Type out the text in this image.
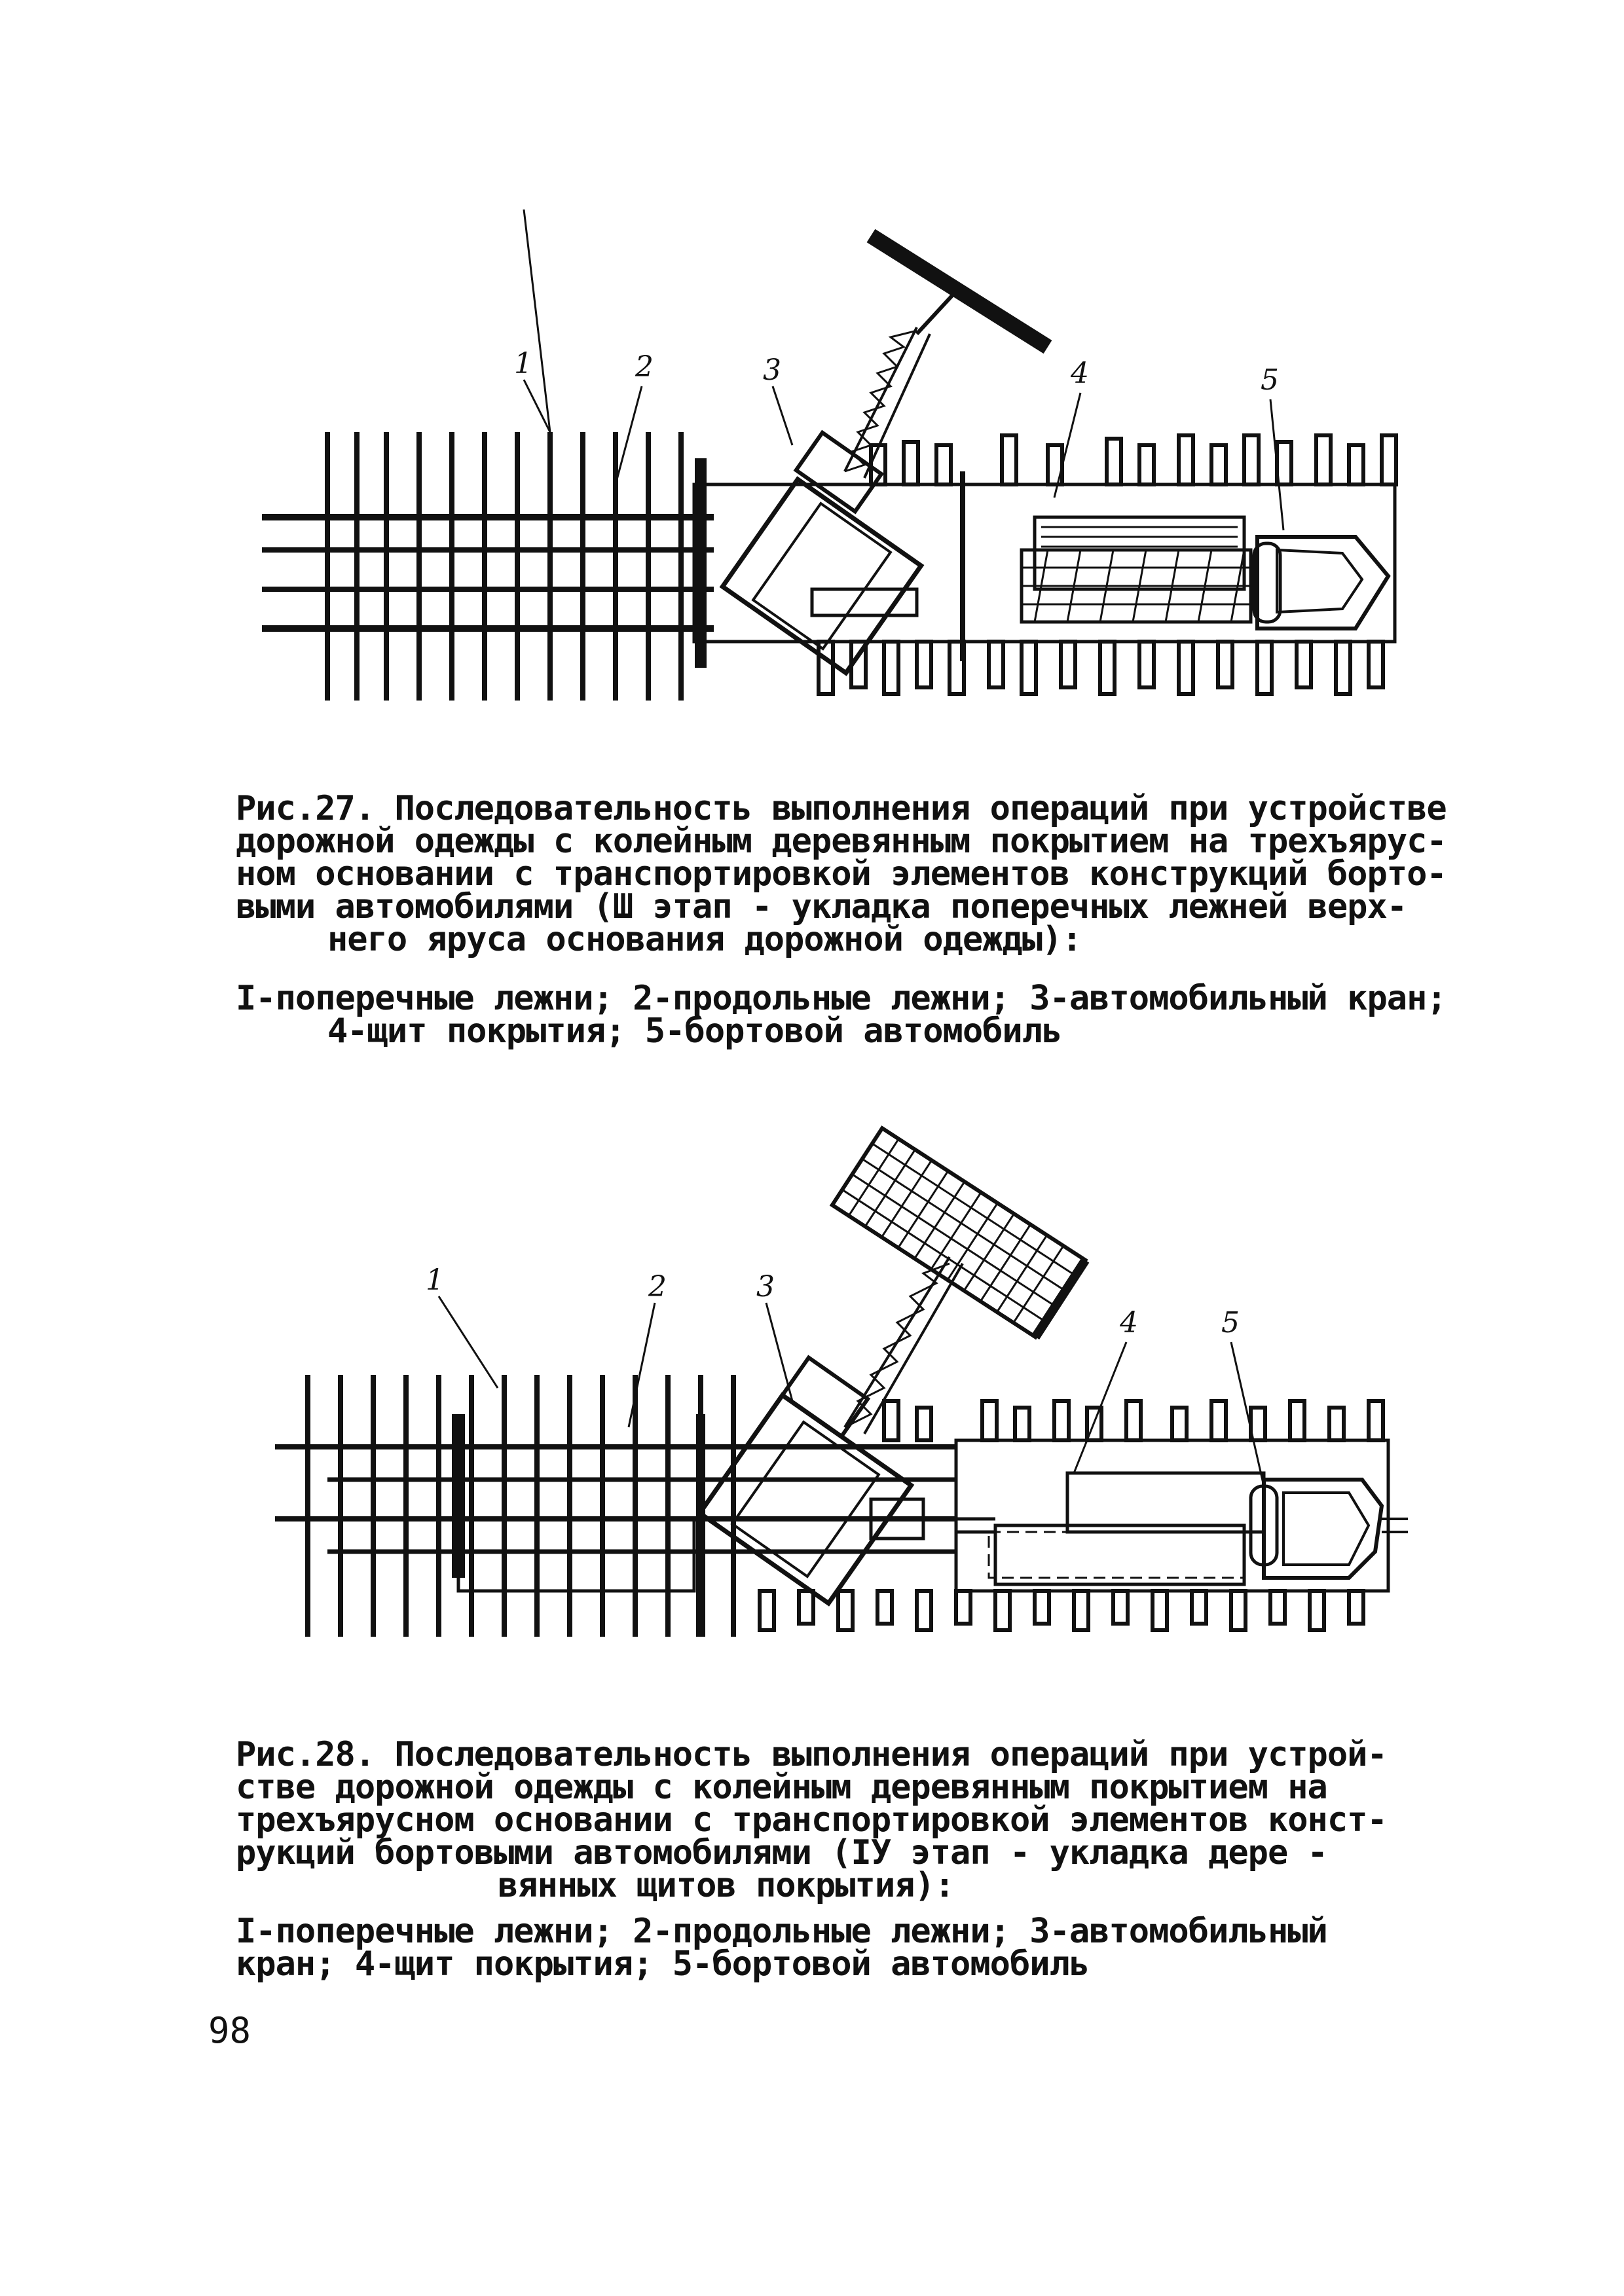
1	2	3	4	5
Рис.27. Последовательность выполнения операций при устройстве
дорожной одежды с колейным деревянным покрытием на трехъярус-
ном основании с транспортировкой элементов конструкций борто-
выми автомобилями (Ш этап - укладка поперечных лежней верх-
него яруса основания дорожной одежды):
I-поперечные лежни; 2-продольные лежни; 3-автомобильный кран;
4-щит покрытия; 5-бортовой автомобиль
1	2	3
4	5
Рис.28. Последовательность выполнения операций при устрой-
стве дорожной одежды с колейным деревянным покрытием на
трехъярусном основании с транспортировкой элементов конст-
рукций бортовыми автомобилями (IУ этап - укладка дере -
вянных щитов покрытия):
I-поперечные лежни; 2-продольные лежни; 3-автомобильный
кран; 4-щит покрытия; 5-бортовой автомобиль
98
